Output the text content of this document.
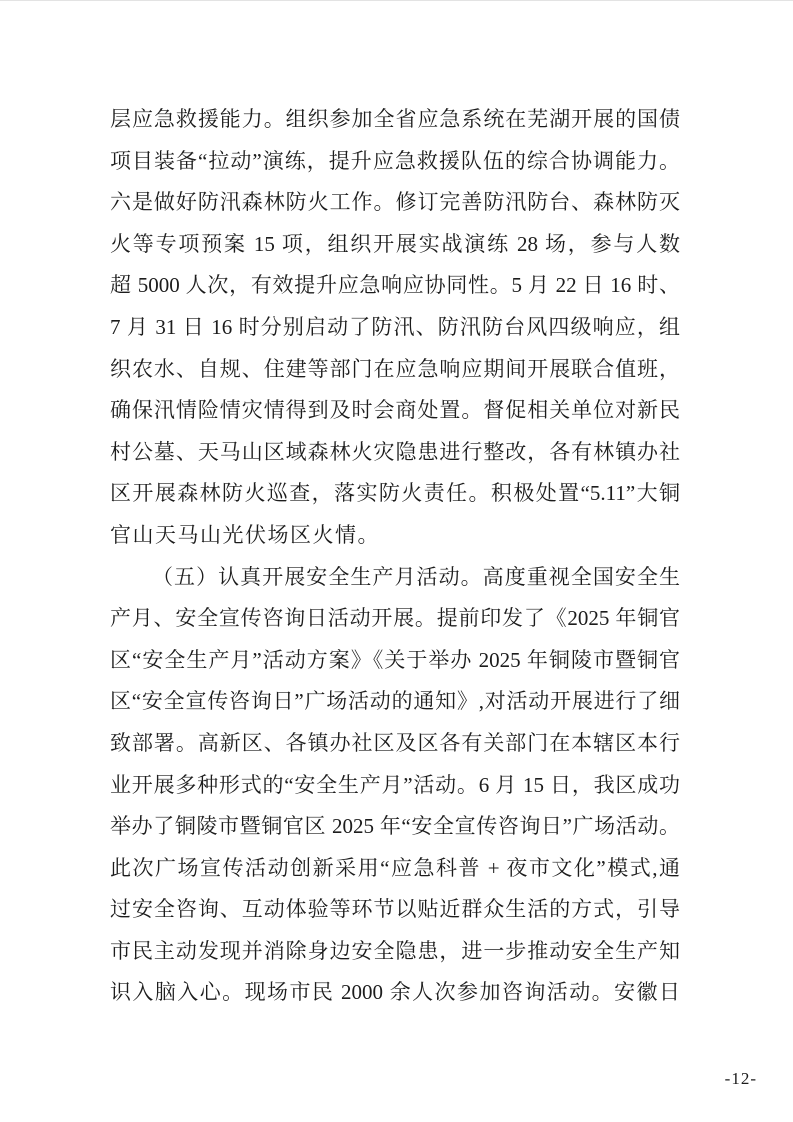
层应急救援能力。组织参加全省应急系统在芜湖开展的国债
项目装备“拉动”演练，提升应急救援队伍的综合协调能力。
六是做好防汛森林防火工作。修订完善防汛防台、森林防灭
火等专项预案 15 项，组织开展实战演练 28 场，参与人数
超 5000 人次，有效提升应急响应协同性。5 月 22 日 16 时、
7 月 31 日 16 时分别启动了防汛、防汛防台风四级响应，组
织农水、自规、住建等部门在应急响应期间开展联合值班，
确保汛情险情灾情得到及时会商处置。督促相关单位对新民
村公墓、天马山区域森林火灾隐患进行整改，各有林镇办社
区开展森林防火巡查，落实防火责任。积极处置“5.11”大铜
官山天马山光伏场区火情。
（五）认真开展安全生产月活动。高度重视全国安全生
产月、安全宣传咨询日活动开展。提前印发了《2025 年铜官
区“安全生产月”活动方案》《关于举办 2025 年铜陵市暨铜官
区“安全宣传咨询日”广场活动的通知》,对活动开展进行了细
致部署。高新区、各镇办社区及区各有关部门在本辖区本行
业开展多种形式的“安全生产月”活动。6 月 15 日，我区成功
举办了铜陵市暨铜官区 2025 年“安全宣传咨询日”广场活动。
此次广场宣传活动创新采用“应急科普 + 夜市文化”模式,通
过安全咨询、互动体验等环节以贴近群众生活的方式，引导
市民主动发现并消除身边安全隐患，进一步推动安全生产知
识入脑入心。现场市民 2000 余人次参加咨询活动。安徽日
-12-
